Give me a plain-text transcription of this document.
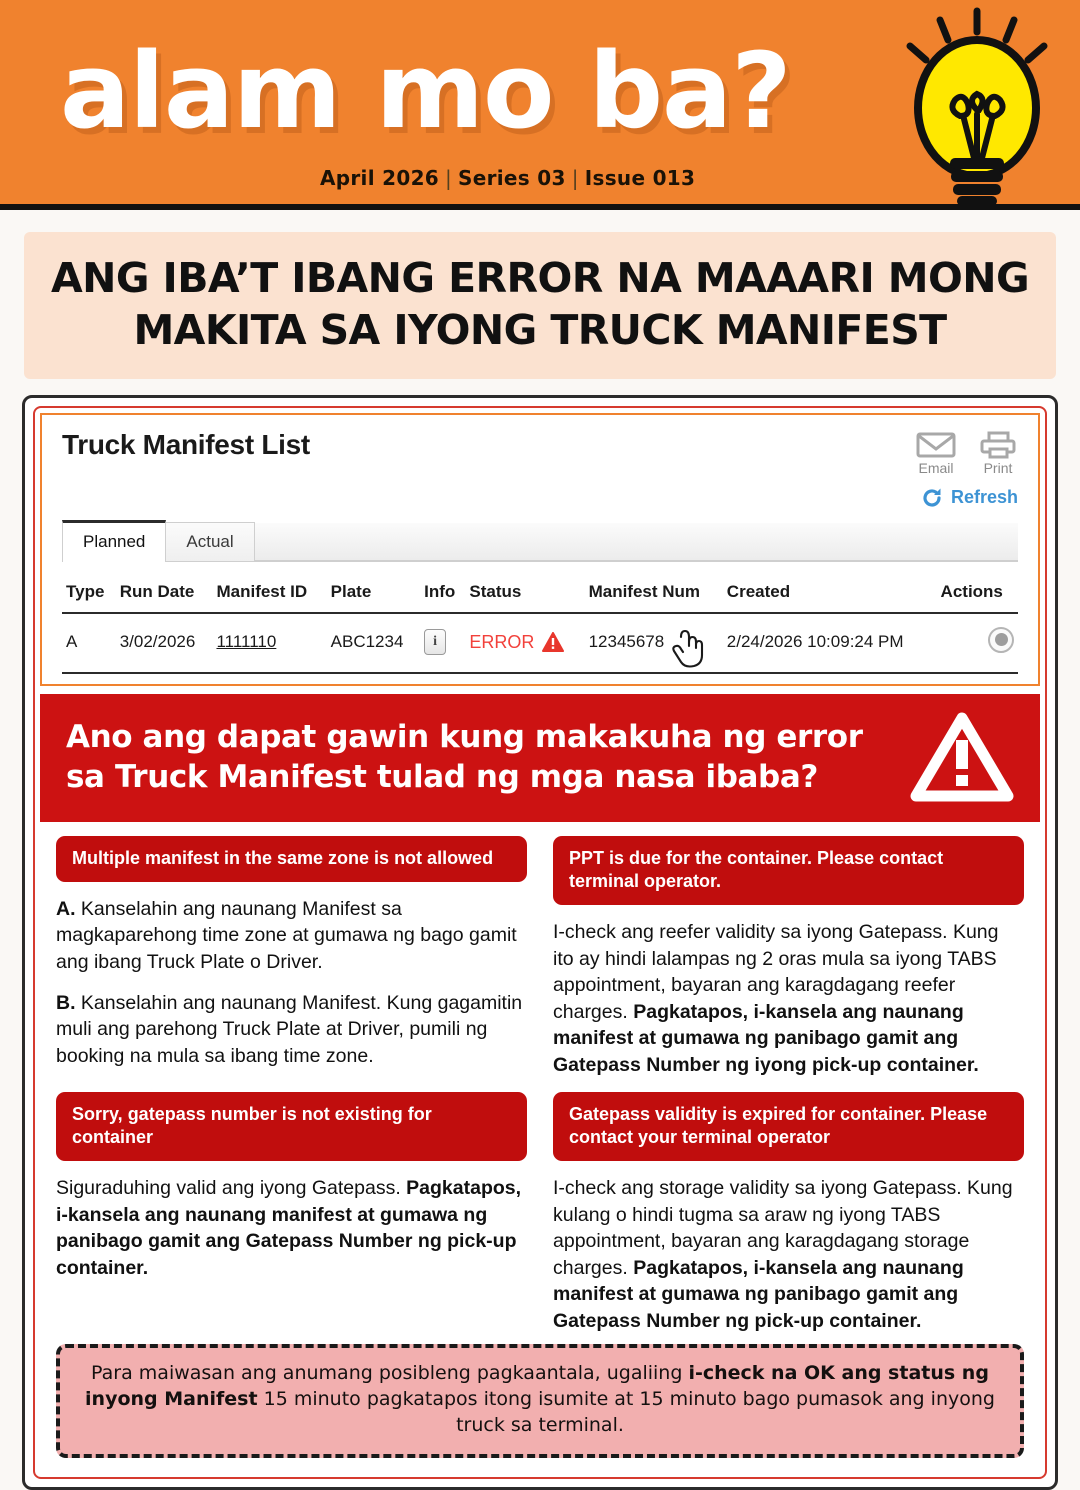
alam mo ba?
April 2026 | Series 03 | Issue 013
ANG IBA’T IBANG ERROR NA MAAARI MONG MAKITA SA IYONG TRUCK MANIFEST
Truck Manifest List
Email Print
Refresh
Planned	Actual
Type	Run Date	Manifest ID	Plate	Info	Status	Manifest Num	Created	Actions
A	3/02/2026	1111110	ABC1234	i	ERROR	12345678	2/24/2026 10:09:24 PM	
Ano ang dapat gawin kung makakuha ng error sa Truck Manifest tulad ng mga nasa ibaba?
Multiple manifest in the same zone is not allowed

A. Kanselahin ang naunang Manifest sa magkaparehong time zone at gumawa ng bago gamit ang ibang Truck Plate o Driver.

B. Kanselahin ang naunang Manifest. Kung gagamitin muli ang parehong Truck Plate at Driver, pumili ng booking na mula sa ibang time zone.

PPT is due for the container. Please contact terminal operator.

I-check ang reefer validity sa iyong Gatepass. Kung ito ay hindi lalampas ng 2 oras mula sa iyong TABS appointment, bayaran ang karagdagang reefer charges. Pagkatapos, i-kansela ang naunang manifest at gumawa ng panibago gamit ang Gatepass Number ng iyong pick-up container.

Sorry, gatepass number is not existing for container

Siguraduhing valid ang iyong Gatepass. Pagkatapos, i-kansela ang naunang manifest at gumawa ng panibago gamit ang Gatepass Number ng pick-up container.

Gatepass validity is expired for container. Please contact your terminal operator

I-check ang storage validity sa iyong Gatepass. Kung kulang o hindi tugma sa araw ng iyong TABS appointment, bayaran ang karagdagang storage charges. Pagkatapos, i-kansela ang naunang manifest at gumawa ng panibago gamit ang Gatepass Number ng pick-up container.

Para maiwasan ang anumang posibleng pagkaantala, ugaliing i-check na OK ang status ng inyong Manifest 15 minuto pagkatapos itong isumite at 15 minuto bago pumasok ang inyong truck sa terminal.
